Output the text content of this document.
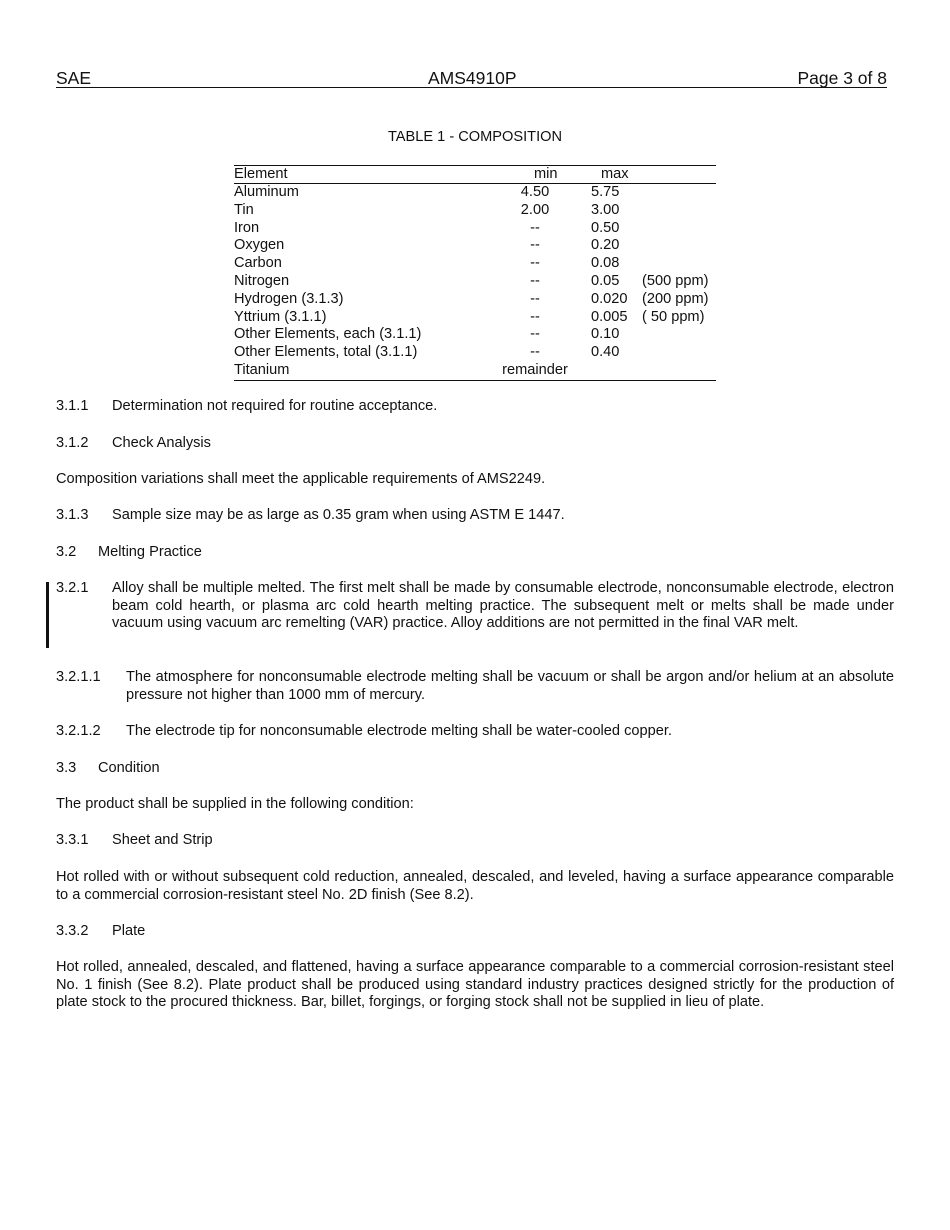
SAE	AMS4910P	Page 3 of 8
TABLE 1 - COMPOSITION
Element	min	max
Aluminum	4.50	5.75
Tin	2.00	3.00
Iron	--	0.50
Oxygen	--	0.20
Carbon	--	0.08
Nitrogen	--	0.05 (500 ppm)
Hydrogen (3.1.3)	--	0.020 (200 ppm)
Yttrium (3.1.1)	--	0.005 ( 50 ppm)
Other Elements, each (3.1.1)	--	0.10
Other Elements, total (3.1.1)	--	0.40
Titanium	remainder
3.1.1 Determination not required for routine acceptance.
3.1.2 Check Analysis
Composition variations shall meet the applicable requirements of AMS2249.
3.1.3 Sample size may be as large as 0.35 gram when using ASTM E 1447.
3.2 Melting Practice
3.2.1 Alloy shall be multiple melted. The first melt shall be made by consumable electrode, nonconsumable electrode, electron beam cold hearth, or plasma arc cold hearth melting practice. The subsequent melt or melts shall be made under vacuum using vacuum arc remelting (VAR) practice. Alloy additions are not permitted in the final VAR melt.
3.2.1.1 The atmosphere for nonconsumable electrode melting shall be vacuum or shall be argon and/or helium at an absolute pressure not higher than 1000 mm of mercury.
3.2.1.2 The electrode tip for nonconsumable electrode melting shall be water-cooled copper.
3.3 Condition
The product shall be supplied in the following condition:
3.3.1 Sheet and Strip
Hot rolled with or without subsequent cold reduction, annealed, descaled, and leveled, having a surface appearance comparable to a commercial corrosion-resistant steel No. 2D finish (See 8.2).
3.3.2 Plate
Hot rolled, annealed, descaled, and flattened, having a surface appearance comparable to a commercial corrosion-resistant steel No. 1 finish (See 8.2). Plate product shall be produced using standard industry practices designed strictly for the production of plate stock to the procured thickness. Bar, billet, forgings, or forging stock shall not be supplied in lieu of plate.
